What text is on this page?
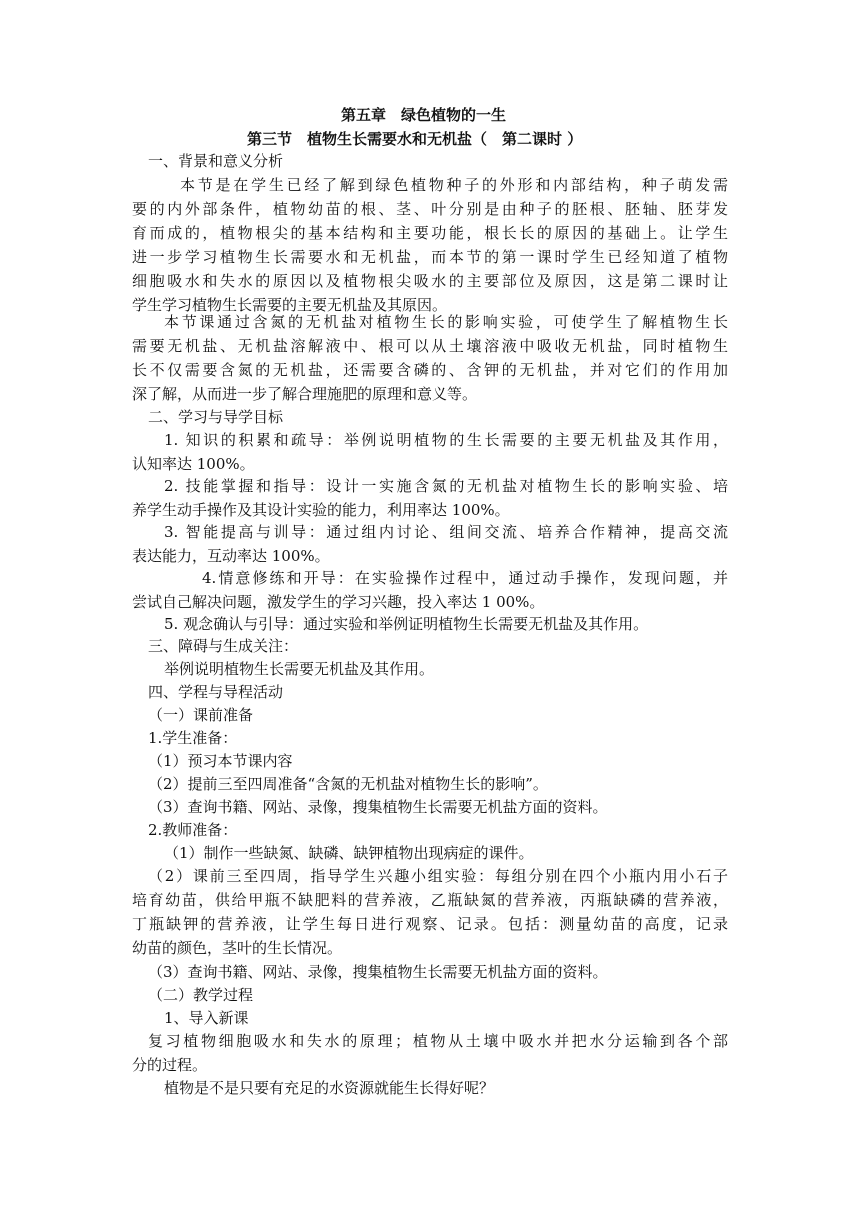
第五章　绿色植物的一生
第三节　植物生长需要水和无机盐（　第二课时 ）
一、背景和意义分析
本节是在学生已经了解到绿色植物种子的外形和内部结构，种子萌发需
要的内外部条件，植物幼苗的根、茎、叶分别是由种子的胚根、胚轴、胚芽发
育而成的，植物根尖的基本结构和主要功能，根长长的原因的基础上。让学生
进一步学习植物生长需要水和无机盐，而本节的第一课时学生已经知道了植物
细胞吸水和失水的原因以及植物根尖吸水的主要部位及原因，这是第二课时让
学生学习植物生长需要的主要无机盐及其原因。
本节课通过含氮的无机盐对植物生长的影响实验，可使学生了解植物生长
需要无机盐、无机盐溶解液中、根可以从土壤溶液中吸收无机盐，同时植物生
长不仅需要含氮的无机盐，还需要含磷的、含钾的无机盐，并对它们的作用加
深了解，从而进一步了解合理施肥的原理和意义等。
二、学习与导学目标
1. 知识的积累和疏导：举例说明植物的生长需要的主要无机盐及其作用，
认知率达 100%。
2. 技能掌握和指导：设计一实施含氮的无机盐对植物生长的影响实验、培
养学生动手操作及其设计实验的能力，利用率达 100%。
3. 智能提高与训导：通过组内讨论、组间交流、培养合作精神，提高交流
表达能力，互动率达 100%。
4.情意修练和开导：在实验操作过程中，通过动手操作，发现问题，并
尝试自己解决问题，激发学生的学习兴趣，投入率达 1 00%。
5. 观念确认与引导：通过实验和举例证明植物生长需要无机盐及其作用。
三、障碍与生成关注：
举例说明植物生长需要无机盐及其作用。
四、学程与导程活动
（一）课前准备
1.学生准备：
（1）预习本节课内容
（2）提前三至四周准备“含氮的无机盐对植物生长的影响”。
（3）查询书籍、网站、录像，搜集植物生长需要无机盐方面的资料。
2.教师准备：
（1）制作一些缺氮、缺磷、缺钾植物出现病症的课件。
（2）课前三至四周，指导学生兴趣小组实验：每组分别在四个小瓶内用小石子
培育幼苗，供给甲瓶不缺肥料的营养液，乙瓶缺氮的营养液，丙瓶缺磷的营养液，
丁瓶缺钾的营养液，让学生每日进行观察、记录。包括：测量幼苗的高度，记录
幼苗的颜色，茎叶的生长情况。
（3）查询书籍、网站、录像，搜集植物生长需要无机盐方面的资料。
（二）教学过程
1、导入新课
复习植物细胞吸水和失水的原理；植物从土壤中吸水并把水分运输到各个部
分的过程。
植物是不是只要有充足的水资源就能生长得好呢？
